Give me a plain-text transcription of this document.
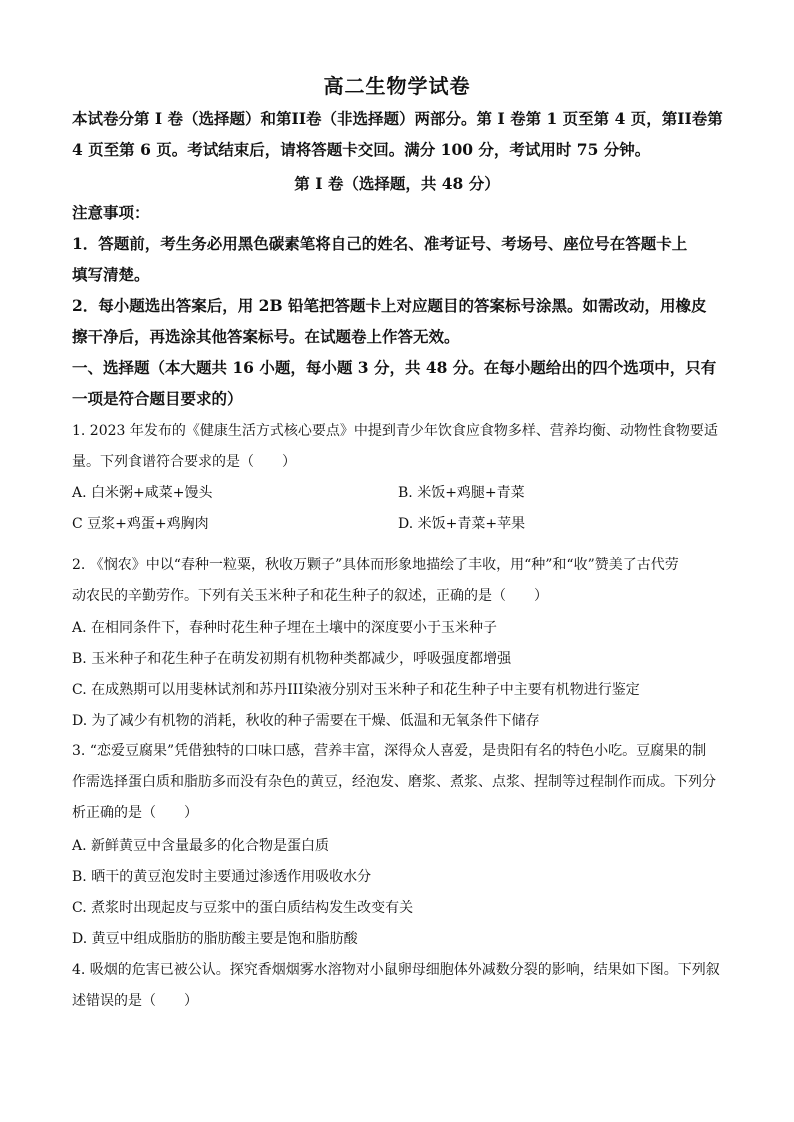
高二生物学试卷
本试卷分第 I 卷（选择题）和第II卷（非选择题）两部分。第 I 卷第 1 页至第 4 页，第II卷第
4 页至第 6 页。考试结束后，请将答题卡交回。满分 100 分，考试用时 75 分钟。
第 I 卷（选择题，共 48 分）
注意事项：
1．答题前，考生务必用黑色碳素笔将自己的姓名、准考证号、考场号、座位号在答题卡上
填写清楚。
2．每小题选出答案后，用 2B 铅笔把答题卡上对应题目的答案标号涂黑。如需改动，用橡皮
擦干净后，再选涂其他答案标号。在试题卷上作答无效。
一、选择题（本大题共 16 小题，每小题 3 分，共 48 分。在每小题给出的四个选项中，只有
一项是符合题目要求的）
1. 2023 年发布的《健康生活方式核心要点》中提到青少年饮食应食物多样、营养均衡、动物性食物要适
量。下列食谱符合要求的是（　　）
A. 白米粥+咸菜+馒头	B. 米饭+鸡腿+青菜
C 豆浆+鸡蛋+鸡胸肉	D. 米饭+青菜+苹果
2. 《悯农》中以“春种一粒粟，秋收万颗子”具体而形象地描绘了丰收，用“种”和“收”赞美了古代劳
动农民的辛勤劳作。下列有关玉米种子和花生种子的叙述，正确的是（　　）
A. 在相同条件下，春种时花生种子埋在土壤中的深度要小于玉米种子
B. 玉米种子和花生种子在萌发初期有机物种类都减少，呼吸强度都增强
C. 在成熟期可以用斐林试剂和苏丹III染液分别对玉米种子和花生种子中主要有机物进行鉴定
D. 为了减少有机物的消耗，秋收的种子需要在干燥、低温和无氧条件下储存
3. “恋爱豆腐果”凭借独特的口味口感，营养丰富，深得众人喜爱，是贵阳有名的特色小吃。豆腐果的制
作需选择蛋白质和脂肪多而没有杂色的黄豆，经泡发、磨浆、煮浆、点浆、捏制等过程制作而成。下列分
析正确的是（　　）
A. 新鲜黄豆中含量最多的化合物是蛋白质
B. 晒干的黄豆泡发时主要通过渗透作用吸收水分
C. 煮浆时出现起皮与豆浆中的蛋白质结构发生改变有关
D. 黄豆中组成脂肪的脂肪酸主要是饱和脂肪酸
4. 吸烟的危害已被公认。探究香烟烟雾水溶物对小鼠卵母细胞体外减数分裂的影响，结果如下图。下列叙
述错误的是（　　）
